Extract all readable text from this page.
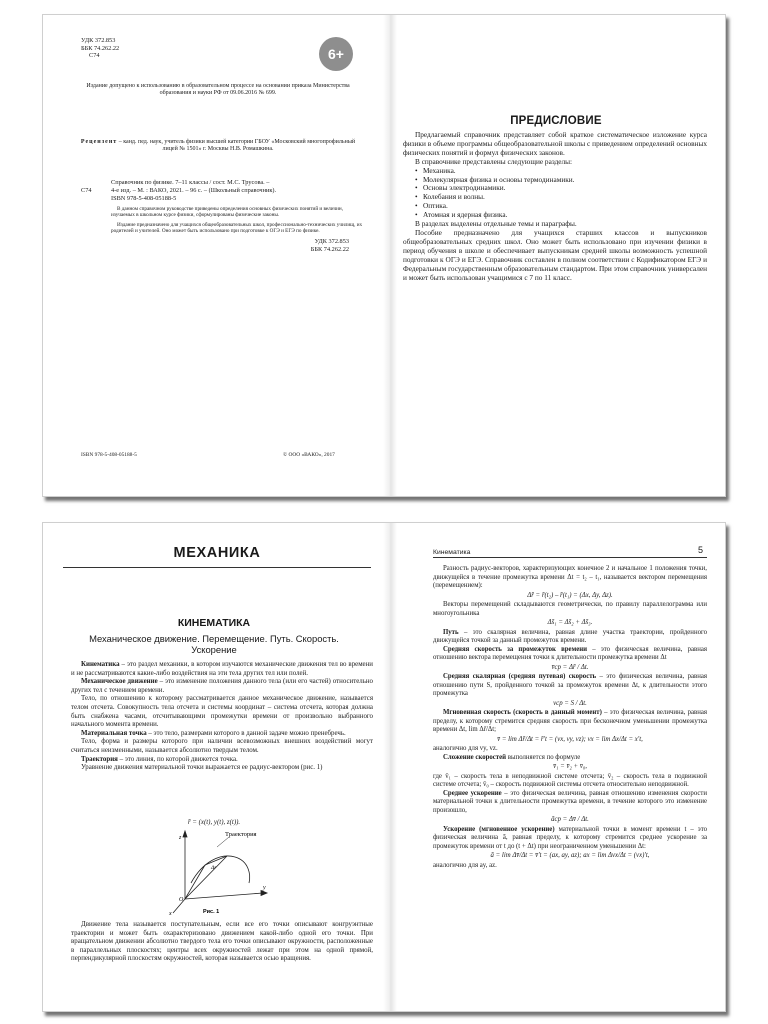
УДК 372.853
ББК 74.262.22
С74	6+
Издание допущено к использованию в образовательном процессе на основании приказа Министерства образования и науки РФ от 09.06.2016 № 699.
Рецензент – канд. пед. наук, учитель физики высшей категории ГБОУ «Московский многопрофильный лицей № 1501» г. Москвы Н.В. Ромашкина.
Справочник по физике. 7–11 классы / сост. М.С. Трусова. –
С74	4-е изд. – М. : ВАКО, 2021. – 96 с. – (Школьный справочник).
ISBN 978-5-408-05188-5
В данном справочном руководстве приведены определения основных физических понятий и величин, изучаемых в школьном курсе физики, сформулированы физические законы.
Издание предназначено для учащихся общеобразовательных школ, профессионально-технических училищ, их родителей и учителей. Оно может быть использовано при подготовке к ОГЭ и ЕГЭ по физике.
УДК 372.853
ББК 74.262.22
ISBN 978-5-408-05188-5	© ООО «ВАКО», 2017
ПРЕДИСЛОВИЕ

Предлагаемый справочник представляет собой краткое систематическое изложение курса физики в объеме программы общеобразовательной школы с приведением определений основных физических понятий и формул физических законов.

В справочнике представлены следующие разделы:

• Механика.
• Молекулярная физика и основы термодинамики.
• Основы электродинамики.
• Колебания и волны.
• Оптика.
• Атомная и ядерная физика.

В разделах выделены отдельные темы и параграфы.

Пособие предназначено для учащихся старших классов и выпускников общеобразовательных средних школ. Оно может быть использовано при изучении физики в период обучения в школе и обеспечивает выпускникам средней школы возможность успешной подготовки к ОГЭ и ЕГЭ. Справочник составлен в полном соответствии с Кодификатором ЕГЭ и Федеральным государственным образовательным стандартом. При этом справочник универсален и может быть использован учащимися с 7 по 11 класс.

МЕХАНИКА
КИНЕМАТИКА
Механическое движение. Перемещение. Путь. Скорость. Ускорение

Кинематика – это раздел механики, в котором изучаются механические движения тел во времени и не рассматриваются какие-либо воздействия на эти тела других тел или полей.

Механическое движение – это изменение положения данного тела (или его частей) относительно других тел с течением времени.

Тело, по отношению к которому рассматривается данное механическое движение, называется телом отсчета. Совокупность тела отсчета и системы координат – система отсчета, которая должна быть снабжена часами, отсчитывающими промежутки времени от произвольно выбранного начального момента времени.

Материальная точка – это тело, размерами которого в данной задаче можно пренебречь.

Тело, форма и размеры которого при наличии всевозможных внешних воздействий могут считаться неизменными, называется абсолютно твердым телом.

Траектория – это линия, по которой движется точка.

Уравнение движения материальной точки выражается ее радиус-вектором (рис. 1)

r̄ = (x(t), y(t), z(t)).
Траектория
z
y
x
O
Δr
Рис. 1

Движение тела называется поступательным, если все его точки описывают конгруэнтные траектории и может быть охарактеризовано движением какой-либо одной его точки. При вращательном движении абсолютно твердого тела его точки описывают окружности, расположенные в параллельных плоскостях; центры всех окружностей лежат при этом на одной прямой, перпендикулярной плоскостям окружностей, которая называется осью вращения.

Кинематика	5

Разность радиус-векторов, характеризующих конечное 2 и начальное 1 положения точки, движущейся в течение промежутка времени Δt = t₂ – t₁, называется вектором перемещения (перемещением):

Δr̄ = r̄(t₂) – r̄(t₁) = (Δx, Δy, Δz).

Векторы перемещений складываются геометрически, по правилу параллелограмма или многоугольника

Δs̄₁ = Δs̄₂ + Δs̄₃.

Путь – это скалярная величина, равная длине участка траектории, пройденного движущейся точкой за данный промежуток времени.

Средняя скорость за промежуток времени – это физическая величина, равная отношению вектора перемещения точки к длительности промежутка времени Δt

v̄ср = Δr̄ / Δt.

Средняя скалярная (средняя путевая) скорость – это физическая величина, равная отношению пути S, пройденного точкой за промежуток времени Δt, к длительности этого промежутка

vср = S / Δt.

Мгновенная скорость (скорость в данный момент) – это физическая величина, равная пределу, к которому стремится средняя скорость при бесконечном уменьшении промежутка времени Δt, lim Δr̄/Δt;

v̄ = lim Δr̄/Δt = r̄′t = (vx, vy, vz); vx = lim Δx/Δt = x′t,

аналогично для vy, vz.

Сложение скоростей выполняется по формуле

v̄₁ = v̄₂ + v̄₀,

где v̄₁ – скорость тела в неподвижной системе отсчета; v̄₂ – скорость тела в подвижной системе отсчета; v̄₀ – скорость подвижной системы отсчета относительно неподвижной.

Среднее ускорение – это физическая величина, равная отношению изменения скорости материальной точки к длительности промежутка времени, в течение которого это изменение произошло,

āср = Δv̄ / Δt.

Ускорение (мгновенное ускорение) материальной точки в момент времени t – это физическая величина ā, равная пределу, к которому стремится среднее ускорение за промежуток времени от t до (t + Δt) при неограниченном уменьшении Δt:

ā = lim Δv̄/Δt = v̄′t = (ax, ay, az); ax = lim Δvx/Δt = (vx)′t,

аналогично для ay, az.
